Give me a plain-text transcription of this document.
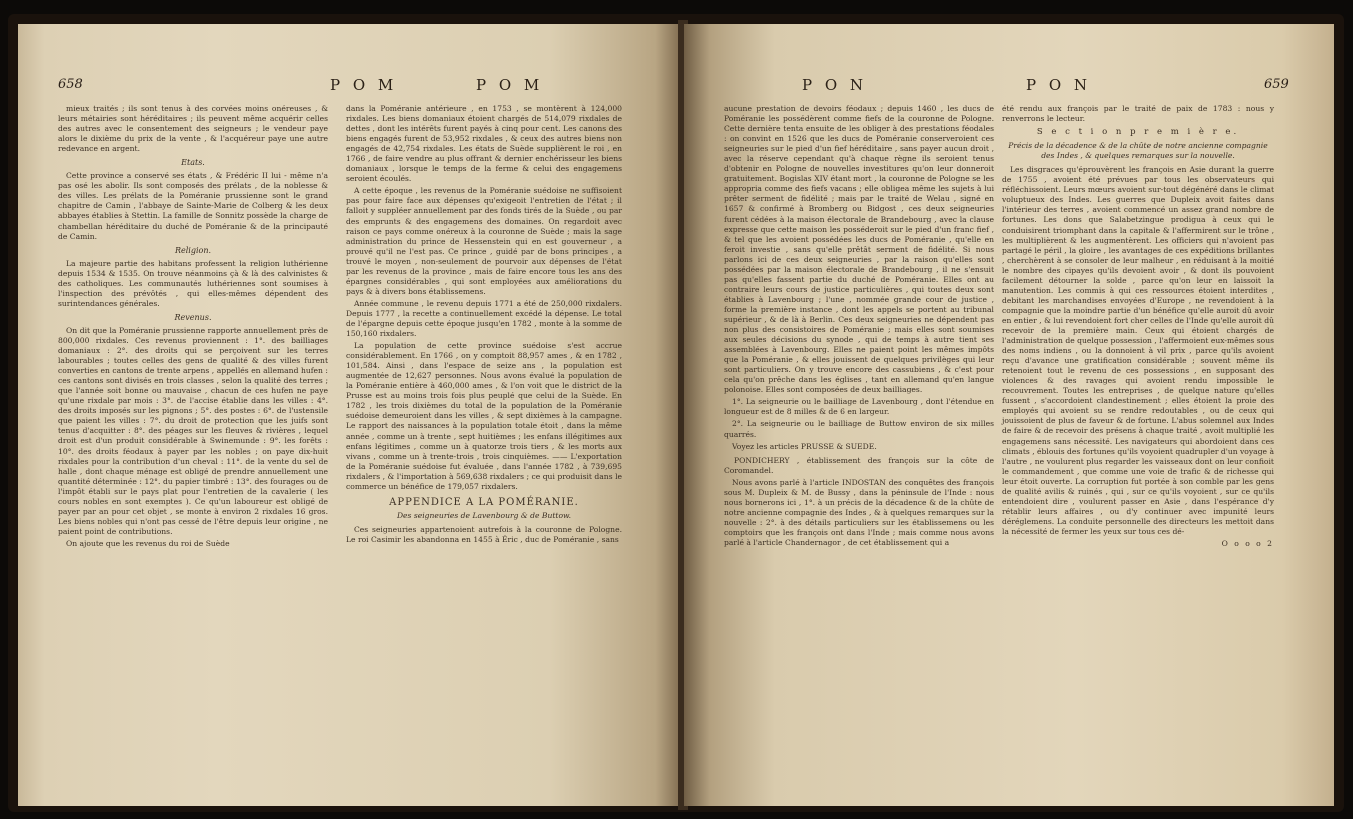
658	P O M	P O M

mieux traités ; ils sont tenus à des corvées moins onéreuses , & leurs métairies sont héréditaires ; ils peuvent même acquérir celles des autres avec le consentement des seigneurs ; le vendeur paye alors le dixième du prix de la vente , & l'acquéreur paye une autre redevance en argent.

Etats.

Cette province a conservé ses états , & Frédéric II lui - même n'a pas osé les abolir. Ils sont composés des prélats , de la noblesse & des villes. Les prélats de la Poméranie prussienne sont le grand chapitre de Camin , l'abbaye de Sainte-Marie de Colberg & les deux abbayes établies à Stettin. La famille de Sonnitz possède la charge de chambellan héréditaire du duché de Poméranie & de la principauté de Camin.

Religion.

La majeure partie des habitans professent la religion luthérienne depuis 1534 & 1535. On trouve néanmoins çà & là des calvinistes & des catholiques. Les communautés luthériennes sont soumises à l'inspection des prévôtés , qui elles-mêmes dépendent des surintendances générales.

Revenus.

On dit que la Poméranie prussienne rapporte annuellement près de 800,000 rixdales. Ces revenus proviennent : 1°. des bailliages domaniaux : 2°. des droits qui se perçoivent sur les terres labourables ; toutes celles des gens de qualité & des villes furent converties en cantons de trente arpens , appellés en allemand hufen : ces cantons sont divisés en trois classes , selon la qualité des terres ; que l'année soit bonne ou mauvaise , chacun de ces hufen ne paye qu'une rixdale par mois : 3°. de l'accise établie dans les villes : 4°. des droits imposés sur les pignons ; 5°. des postes : 6°. de l'ustensile que paient les villes : 7°. du droit de protection que les juifs sont tenus d'acquitter : 8°. des péages sur les fleuves & rivières , lequel droit est d'un produit considérable à Swinemunde : 9°. les forêts : 10°. des droits féodaux à payer par les nobles ; on paye dix-huit rixdales pour la contribution d'un cheval : 11°. de la vente du sel de halle , dont chaque ménage est obligé de prendre annuellement une quantité déterminée : 12°. du papier timbré : 13°. des fourages ou de l'impôt établi sur le pays plat pour l'entretien de la cavalerie ( les cours nobles en sont exemptes ). Ce qu'un laboureur est obligé de payer par an pour cet objet , se monte à environ 2 rixdales 16 gros. Les biens nobles qui n'ont pas cessé de l'être depuis leur origine , ne paient point de contributions.

On ajoute que les revenus du roi de Suède

dans la Poméranie antérieure , en 1753 , se montèrent à 124,000 rixdales. Les biens domaniaux étoient chargés de 514,079 rixdales de dettes , dont les intérêts furent payés à cinq pour cent. Les canons des biens engagés furent de 53,952 rixdales , & ceux des autres biens non engagés de 42,754 rixdales. Les états de Suède supplièrent le roi , en 1766 , de faire vendre au plus offrant & dernier enchérisseur les biens domaniaux , lorsque le temps de la ferme & celui des engagemens seroient écoulés.

A cette époque , les revenus de la Poméranie suédoise ne suffisoient pas pour faire face aux dépenses qu'exigeoit l'entretien de l'état ; il falloit y suppléer annuellement par des fonds tirés de la Suède , ou par des emprunts & des engagemens des domaines. On regardoit avec raison ce pays comme onéreux à la couronne de Suède ; mais la sage administration du prince de Hessenstein qui en est gouverneur , a prouvé qu'il ne l'est pas. Ce prince , guidé par de bons principes , a trouvé le moyen , non-seulement de pourvoir aux dépenses de l'état par les revenus de la province , mais de faire encore tous les ans des épargnes considérables , qui sont employées aux améliorations du pays & à divers bons établissemens.

Année commune , le revenu depuis 1771 a été de 250,000 rixdalers. Depuis 1777 , la recette a continuellement excédé la dépense. Le total de l'épargne depuis cette époque jusqu'en 1782 , monte à la somme de 150,160 rixdalers.

La population de cette province suédoise s'est accrue considérablement. En 1766 , on y comptoit 88,957 ames , & en 1782 , 101,584. Ainsi , dans l'espace de seize ans , la population est augmentée de 12,627 personnes. Nous avons évalué la population de la Poméranie entière à 460,000 ames , & l'on voit que le district de la Prusse est au moins trois fois plus peuplé que celui de la Suède. En 1782 , les trois dixièmes du total de la population de la Poméranie suédoise demeuroient dans les villes , & sept dixièmes à la campagne. Le rapport des naissances à la population totale étoit , dans la même année , comme un à trente , sept huitièmes ; les enfans illégitimes aux enfans légitimes , comme un à quatorze trois tiers , & les morts aux vivans , comme un à trente-trois , trois cinquièmes. —— L'exportation de la Poméranie suédoise fut évaluée , dans l'année 1782 , à 739,695 rixdalers , & l'importation à 569,638 rixdalers ; ce qui produisit dans le commerce un bénéfice de 179,057 rixdalers.

APPENDICE A LA POMÉRANIE.
Des seigneuries de Lavenbourg & de Buttow.

Ces seigneuries appartenoient autrefois à la couronne de Pologne. Le roi Casimir les abandonna en 1455 à Éric , duc de Poméranie , sans

P O N	P O N	659

aucune prestation de devoirs féodaux ; depuis 1460 , les ducs de Poméranie les possédèrent comme fiefs de la couronne de Pologne. Cette dernière tenta ensuite de les obliger à des prestations féodales : on convint en 1526 que les ducs de Poméranie conserveroient ces seigneuries sur le pied d'un fief héréditaire , sans payer aucun droit , avec la réserve cependant qu'à chaque règne ils seroient tenus d'obtenir en Pologne de nouvelles investitures qu'on leur donneroit gratuitement. Bogislas XIV étant mort , la couronne de Pologne se les appropria comme des fiefs vacans ; elle obligea même les sujets à lui prêter serment de fidélité ; mais par le traité de Welau , signé en 1657 & confirmé à Bromberg ou Bidgost , ces deux seigneuries furent cédées à la maison électorale de Brandebourg , avec la clause expresse que cette maison les posséderoit sur le pied d'un franc fief , & tel que les avoient possédées les ducs de Poméranie , qu'elle en feroit investie , sans qu'elle prêtât serment de fidélité. Si nous parlons ici de ces deux seigneuries , par la raison qu'elles sont possédées par la maison électorale de Brandebourg , il ne s'ensuit pas qu'elles fassent partie du duché de Poméranie. Elles ont au contraire leurs cours de justice particulières , qui toutes deux sont établies à Lavenbourg ; l'une , nommée grande cour de justice , forme la première instance , dont les appels se portent au tribunal supérieur , & de là à Berlin. Ces deux seigneuries ne dépendent pas non plus des consistoires de Poméranie ; mais elles sont soumises aux seules décisions du synode , qui de temps à autre tient ses assemblées à Lavenbourg. Elles ne paient point les mêmes impôts que la Poméranie , & elles jouissent de quelques privilèges qui leur sont particuliers. On y trouve encore des cassubiens , & c'est pour cela qu'on prêche dans les églises , tant en allemand qu'en langue polonoise. Elles sont composées de deux bailliages.

1°. La seigneurie ou le bailliage de Lavenbourg , dont l'étendue en longueur est de 8 milles & de 6 en largeur.

2°. La seigneurie ou le bailliage de Buttow environ de six milles quarrés.

Voyez les articles PRUSSE & SUEDE.

PONDICHERY , établissement des françois sur la côte de Coromandel.

Nous avons parlé à l'article INDOSTAN des conquêtes des françois sous M. Dupleix & M. de Bussy , dans la péninsule de l'Inde : nous nous bornerons ici , 1°. à un précis de la décadence & de la chûte de notre ancienne compagnie des Indes , & à quelques remarques sur la nouvelle : 2°. à des détails particuliers sur les établissemens ou les comptoirs que les françois ont dans l'Inde ; mais comme nous avons parlé à l'article Chandernagor , de cet établissement qui a

été rendu aux françois par le traité de paix de 1783 : nous y renverrons le lecteur.

S e c t i o n p r e m i è r e.
Précis de la décadence & de la chûte de notre ancienne compagnie des Indes , & quelques remarques sur la nouvelle.

Les disgraces qu'éprouvèrent les françois en Asie durant la guerre de 1755 , avoient été prévues par tous les observateurs qui réfléchissoient. Leurs mœurs avoient sur-tout dégénéré dans le climat voluptueux des Indes. Les guerres que Dupleix avoit faites dans l'intérieur des terres , avoient commencé un assez grand nombre de fortunes. Les dons que Salabetzingue prodigua à ceux qui le conduisirent triomphant dans la capitale & l'affermirent sur le trône , les multiplièrent & les augmentèrent. Les officiers qui n'avoient pas partagé le péril , la gloire , les avantages de ces expéditions brillantes , cherchèrent à se consoler de leur malheur , en réduisant à la moitié le nombre des cipayes qu'ils devoient avoir , & dont ils pouvoient facilement détourner la solde , parce qu'on leur en laissoit la manutention. Les commis à qui ces ressources étoient interdites , debitant les marchandises envoyées d'Europe , ne revendoient à la compagnie que la moindre partie d'un bénéfice qu'elle auroit dû avoir en entier , & lui revendoient fort cher celles de l'Inde qu'elle auroit dû recevoir de la première main. Ceux qui étoient chargés de l'administration de quelque possession , l'affermoient eux-mêmes sous des noms indiens , ou la donnoient à vil prix , parce qu'ils avoient reçu d'avance une gratification considérable ; souvent même ils retenoient tout le revenu de ces possessions , en supposant des violences & des ravages qui avoient rendu impossible le recouvrement. Toutes les entreprises , de quelque nature qu'elles fussent , s'accordoient clandestinement ; elles étoient la proie des employés qui avoient su se rendre redoutables , ou de ceux qui jouissoient de plus de faveur & de fortune. L'abus solemnel aux Indes de faire & de recevoir des présens à chaque traité , avoit multiplié les engagemens sans nécessité. Les navigateurs qui abordoient dans ces climats , éblouis des fortunes qu'ils voyoient quadrupler d'un voyage à l'autre , ne voulurent plus regarder les vaisseaux dont on leur confioit le commandement , que comme une voie de trafic & de richesse qui leur étoit ouverte. La corruption fut portée à son comble par les gens de qualité avilis & ruinés , qui , sur ce qu'ils voyoient , sur ce qu'ils entendoient dire , voulurent passer en Asie , dans l'espérance d'y rétablir leurs affaires , ou d'y continuer avec impunité leurs déréglemens. La conduite personnelle des directeurs les mettoit dans la nécessité de fermer les yeux sur tous ces dé-

O o o o 2
